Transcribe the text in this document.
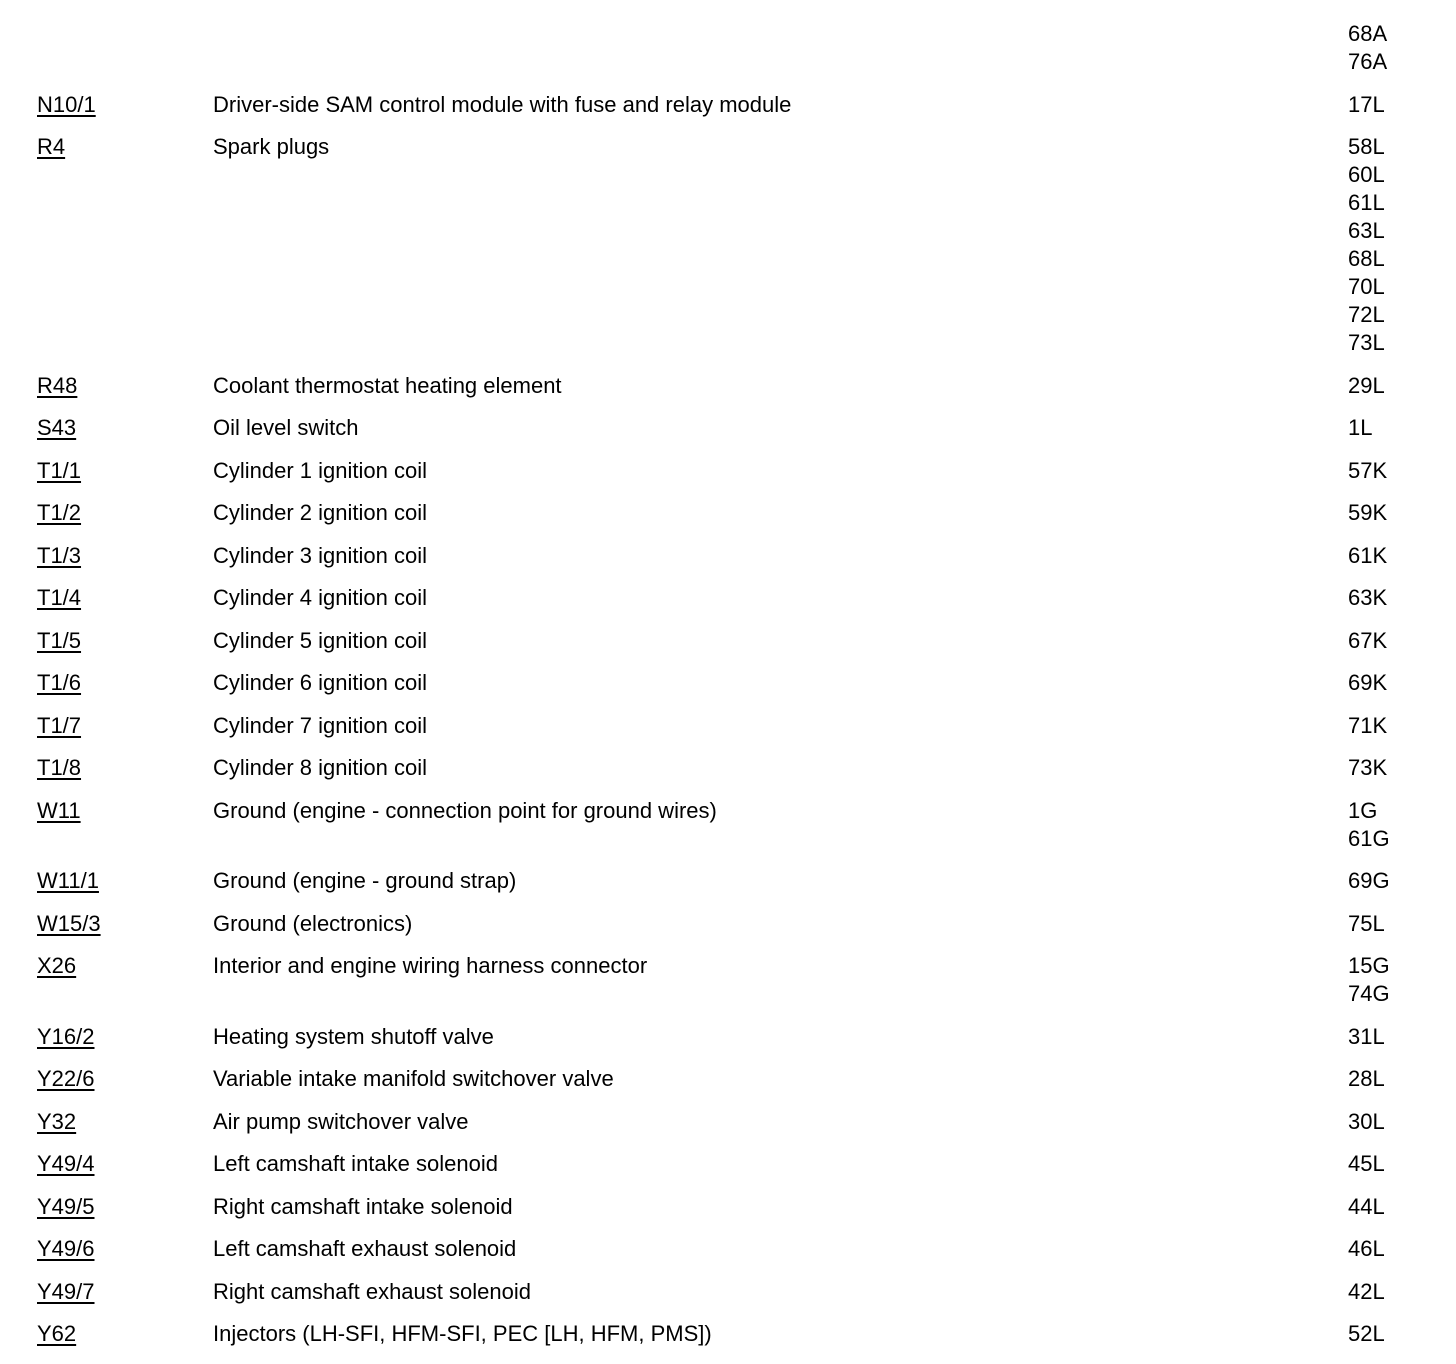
68A
76A
N10/1	Driver-side SAM control module with fuse and relay module	17L
R4	Spark plugs	58L
60L
61L
63L
68L
70L
72L
73L
R48	Coolant thermostat heating element	29L
S43	Oil level switch	1L
T1/1	Cylinder 1 ignition coil	57K
T1/2	Cylinder 2 ignition coil	59K
T1/3	Cylinder 3 ignition coil	61K
T1/4	Cylinder 4 ignition coil	63K
T1/5	Cylinder 5 ignition coil	67K
T1/6	Cylinder 6 ignition coil	69K
T1/7	Cylinder 7 ignition coil	71K
T1/8	Cylinder 8 ignition coil	73K
W11	Ground (engine - connection point for ground wires)	1G
61G
W11/1	Ground (engine - ground strap)	69G
W15/3	Ground (electronics)	75L
X26	Interior and engine wiring harness connector	15G
74G
Y16/2	Heating system shutoff valve	31L
Y22/6	Variable intake manifold switchover valve	28L
Y32	Air pump switchover valve	30L
Y49/4	Left camshaft intake solenoid	45L
Y49/5	Right camshaft intake solenoid	44L
Y49/6	Left camshaft exhaust solenoid	46L
Y49/7	Right camshaft exhaust solenoid	42L
Y62	Injectors (LH-SFI, HFM-SFI, PEC [LH, HFM, PMS])	52L
